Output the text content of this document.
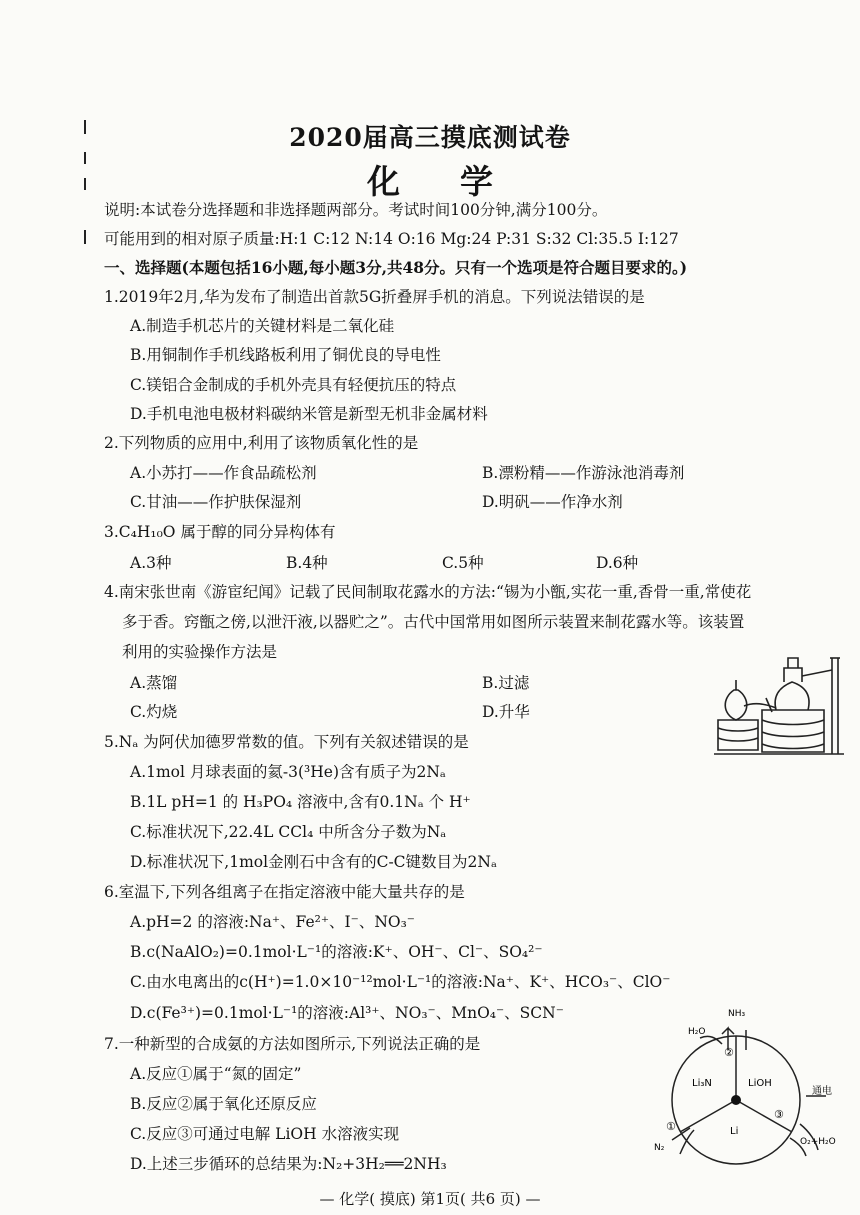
2020届高三摸底测试卷
化学
说明:本试卷分选择题和非选择题两部分。考试时间100分钟,满分100分。
可能用到的相对原子质量:H:1 C:12 N:14 O:16 Mg:24 P:31 S:32 Cl:35.5 I:127
一、选择题(本题包括16小题,每小题3分,共48分。只有一个选项是符合题目要求的。)
1.2019年2月,华为发布了制造出首款5G折叠屏手机的消息。下列说法错误的是
A.制造手机芯片的关键材料是二氧化硅
B.用铜制作手机线路板利用了铜优良的导电性
C.镁铝合金制成的手机外壳具有轻便抗压的特点
D.手机电池电极材料碳纳米管是新型无机非金属材料
2.下列物质的应用中,利用了该物质氧化性的是
A.小苏打——作食品疏松剂	B.漂粉精——作游泳池消毒剂
C.甘油——作护肤保湿剂	D.明矾——作净水剂
3.C₄H₁₀O 属于醇的同分异构体有
A.3种	B.4种	C.5种	D.6种
4.南宋张世南《游宦纪闻》记载了民间制取花露水的方法:“锡为小甑,实花一重,香骨一重,常使花
多于香。窍甑之傍,以泄汗液,以器贮之”。古代中国常用如图所示装置来制花露水等。该装置
利用的实验操作方法是
A.蒸馏	B.过滤
C.灼烧	D.升华
5.Nₐ 为阿伏加德罗常数的值。下列有关叙述错误的是
A.1mol 月球表面的氦-3(³He)含有质子为2Nₐ
B.1L pH=1 的 H₃PO₄ 溶液中,含有0.1Nₐ 个 H⁺
C.标准状况下,22.4L CCl₄ 中所含分子数为Nₐ
D.标准状况下,1mol金刚石中含有的C-C键数目为2Nₐ
6.室温下,下列各组离子在指定溶液中能大量共存的是
A.pH=2 的溶液:Na⁺、Fe²⁺、I⁻、NO₃⁻
B.c(NaAlO₂)=0.1mol·L⁻¹的溶液:K⁺、OH⁻、Cl⁻、SO₄²⁻
C.由水电离出的c(H⁺)=1.0×10⁻¹²mol·L⁻¹的溶液:Na⁺、K⁺、HCO₃⁻、ClO⁻
D.c(Fe³⁺)=0.1mol·L⁻¹的溶液:Al³⁺、NO₃⁻、MnO₄⁻、SCN⁻
7.一种新型的合成氨的方法如图所示,下列说法正确的是
A.反应①属于“氮的固定”
B.反应②属于氧化还原反应
C.反应③可通过电解 LiOH 水溶液实现
D.上述三步循环的总结果为:N₂+3H₂══2NH₃
NH₃
H₂O
②
Li₃N	LiOH
通电
③
①	Li
N₂
O₂+H₂O
— 化学( 摸底) 第1页( 共6 页) —
